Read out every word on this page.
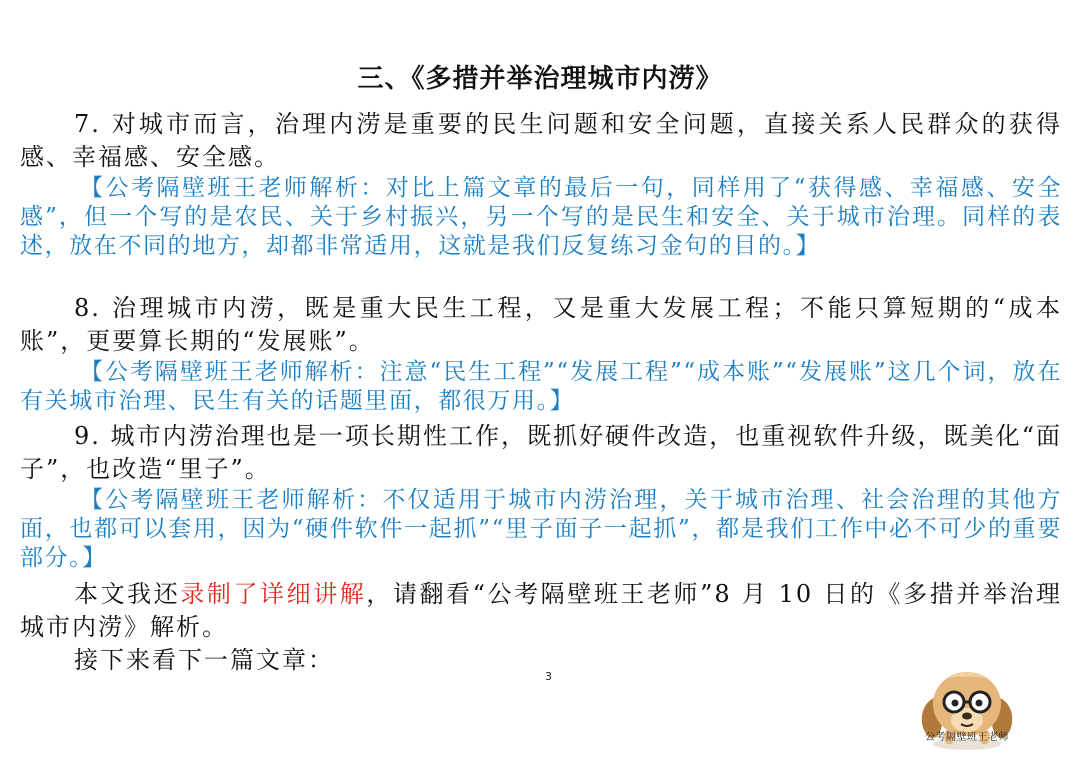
三、《多措并举治理城市内涝》

7. 对城市而言，治理内涝是重要的民生问题和安全问题，直接关系人民群众的获得感、幸福感、安全感。

【公考隔壁班王老师解析：对比上篇文章的最后一句，同样用了“获得感、幸福感、安全感”，但一个写的是农民、关于乡村振兴，另一个写的是民生和安全、关于城市治理。同样的表述，放在不同的地方，却都非常适用，这就是我们反复练习金句的目的。】

8. 治理城市内涝，既是重大民生工程，又是重大发展工程；不能只算短期的“成本账”，更要算长期的“发展账”。

【公考隔壁班王老师解析：注意“民生工程”“发展工程”“成本账”“发展账”这几个词，放在有关城市治理、民生有关的话题里面，都很万用。】

9. 城市内涝治理也是一项长期性工作，既抓好硬件改造，也重视软件升级，既美化“面子”，也改造“里子”。

【公考隔壁班王老师解析：不仅适用于城市内涝治理，关于城市治理、社会治理的其他方面，也都可以套用，因为“硬件软件一起抓”“里子面子一起抓”，都是我们工作中必不可少的重要部分。】

本文我还录制了详细讲解，请翻看“公考隔壁班王老师”8 月 10 日的《多措并举治理城市内涝》解析。

接下来看下一篇文章：

3
公考隔壁班王老师
